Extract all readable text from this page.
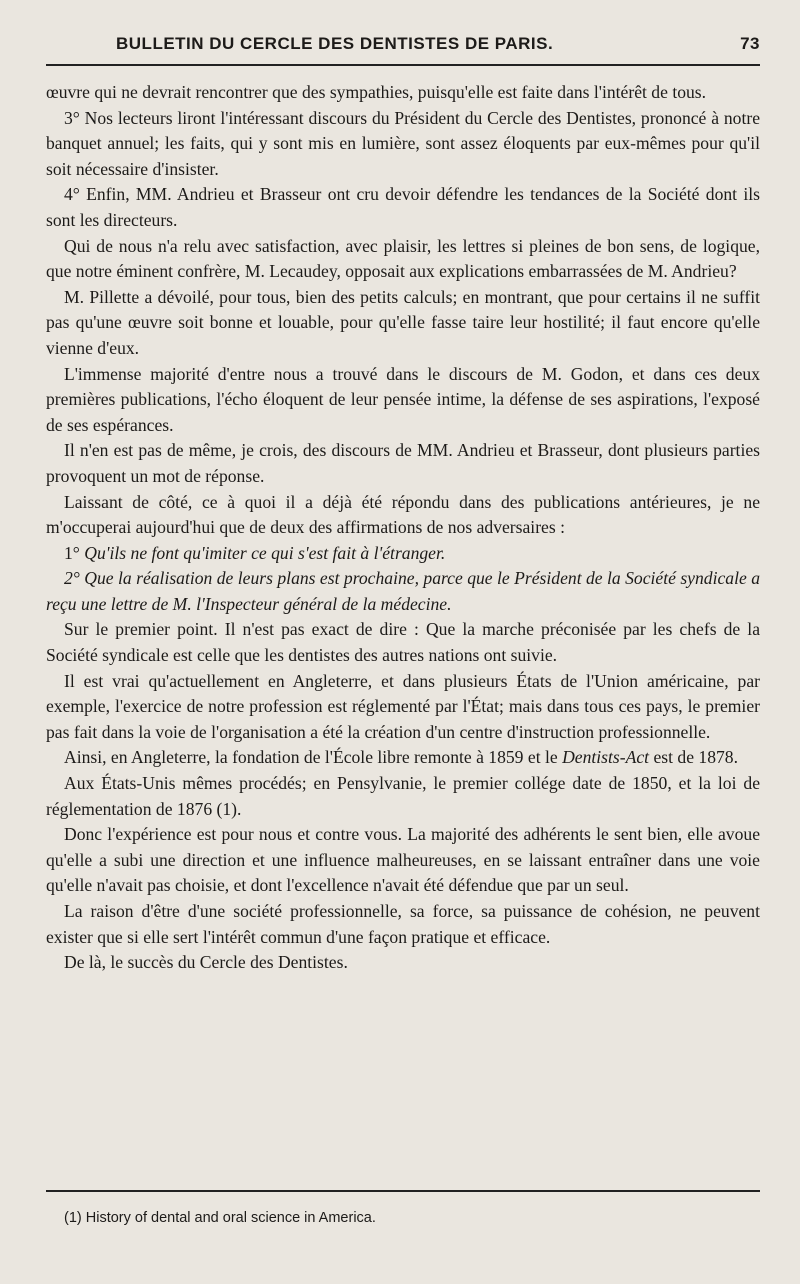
BULLETIN DU CERCLE DES DENTISTES DE PARIS.	73

œuvre qui ne devrait rencontrer que des sympathies, puisqu'elle est faite dans l'intérêt de tous.

3° Nos lecteurs liront l'intéressant discours du Président du Cercle des Dentistes, prononcé à notre banquet annuel; les faits, qui y sont mis en lumière, sont assez éloquents par eux-mêmes pour qu'il soit nécessaire d'insister.

4° Enfin, MM. Andrieu et Brasseur ont cru devoir défendre les tendances de la Société dont ils sont les directeurs.

Qui de nous n'a relu avec satisfaction, avec plaisir, les lettres si pleines de bon sens, de logique, que notre éminent confrère, M. Lecaudey, opposait aux explications embarrassées de M. Andrieu?

M. Pillette a dévoilé, pour tous, bien des petits calculs; en montrant, que pour certains il ne suffit pas qu'une œuvre soit bonne et louable, pour qu'elle fasse taire leur hostilité; il faut encore qu'elle vienne d'eux.

L'immense majorité d'entre nous a trouvé dans le discours de M. Godon, et dans ces deux premières publications, l'écho éloquent de leur pensée intime, la défense de ses aspirations, l'exposé de ses espérances.

Il n'en est pas de même, je crois, des discours de MM. Andrieu et Brasseur, dont plusieurs parties provoquent un mot de réponse.

Laissant de côté, ce à quoi il a déjà été répondu dans des publications antérieures, je ne m'occuperai aujourd'hui que de deux des affirmations de nos adversaires :

1° Qu'ils ne font qu'imiter ce qui s'est fait à l'étranger.

2° Que la réalisation de leurs plans est prochaine, parce que le Président de la Société syndicale a reçu une lettre de M. l'Inspecteur général de la médecine.

Sur le premier point. Il n'est pas exact de dire : Que la marche préconisée par les chefs de la Société syndicale est celle que les dentistes des autres nations ont suivie.

Il est vrai qu'actuellement en Angleterre, et dans plusieurs États de l'Union américaine, par exemple, l'exercice de notre profession est réglementé par l'État; mais dans tous ces pays, le premier pas fait dans la voie de l'organisation a été la création d'un centre d'instruction professionnelle.

Ainsi, en Angleterre, la fondation de l'École libre remonte à 1859 et le Dentists-Act est de 1878.

Aux États-Unis mêmes procédés; en Pensylvanie, le premier collége date de 1850, et la loi de réglementation de 1876 (1).

Donc l'expérience est pour nous et contre vous. La majorité des adhérents le sent bien, elle avoue qu'elle a subi une direction et une influence malheureuses, en se laissant entraîner dans une voie qu'elle n'avait pas choisie, et dont l'excellence n'avait été défendue que par un seul.

La raison d'être d'une société professionnelle, sa force, sa puissance de cohésion, ne peuvent exister que si elle sert l'intérêt commun d'une façon pratique et efficace.

De là, le succès du Cercle des Dentistes.

(1) History of dental and oral science in America.
